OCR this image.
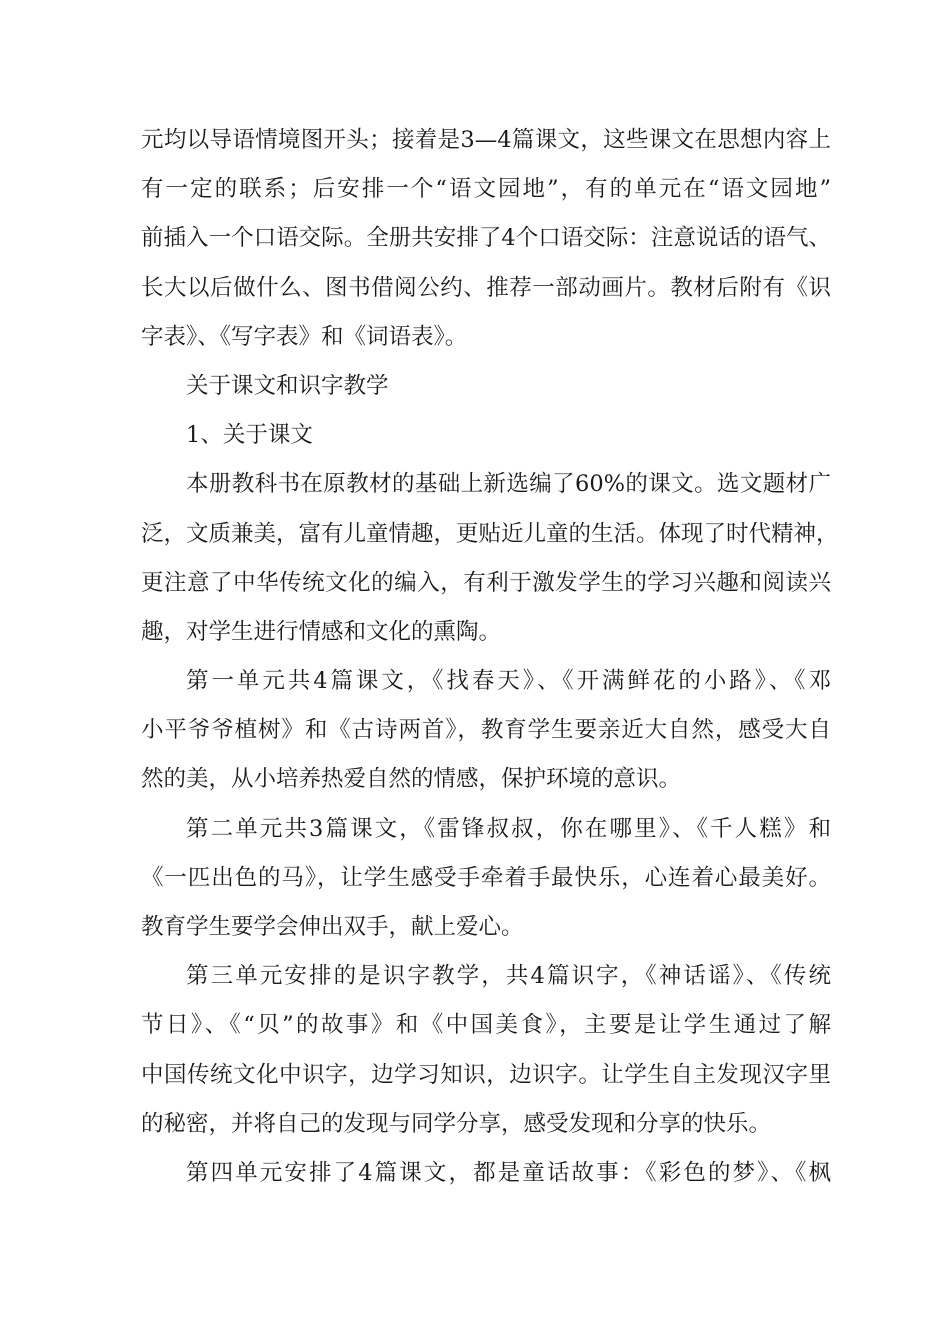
元均以导语情境图开头；接着是3—4篇课文，这些课文在思想内容上
有一定的联系；后安排一个“语文园地”，有的单元在“语文园地”
前插入一个口语交际。全册共安排了4个口语交际：注意说话的语气、
长大以后做什么、图书借阅公约、推荐一部动画片。教材后附有《识
字表》、《写字表》和《词语表》。
关于课文和识字教学
1、关于课文
本册教科书在原教材的基础上新选编了60%的课文。选文题材广
泛，文质兼美，富有儿童情趣，更贴近儿童的生活。体现了时代精神，
更注意了中华传统文化的编入，有利于激发学生的学习兴趣和阅读兴
趣，对学生进行情感和文化的熏陶。
第一单元共4篇课文，《找春天》、《开满鲜花的小路》、《邓
小平爷爷植树》和《古诗两首》，教育学生要亲近大自然，感受大自
然的美，从小培养热爱自然的情感，保护环境的意识。
第二单元共3篇课文，《雷锋叔叔，你在哪里》、《千人糕》和
《一匹出色的马》，让学生感受手牵着手最快乐，心连着心最美好。
教育学生要学会伸出双手，献上爱心。
第三单元安排的是识字教学，共4篇识字，《神话谣》、《传统
节日》、《“贝”的故事》和《中国美食》，主要是让学生通过了解
中国传统文化中识字，边学习知识，边识字。让学生自主发现汉字里
的秘密，并将自己的发现与同学分享，感受发现和分享的快乐。
第四单元安排了4篇课文，都是童话故事：《彩色的梦》、《枫
